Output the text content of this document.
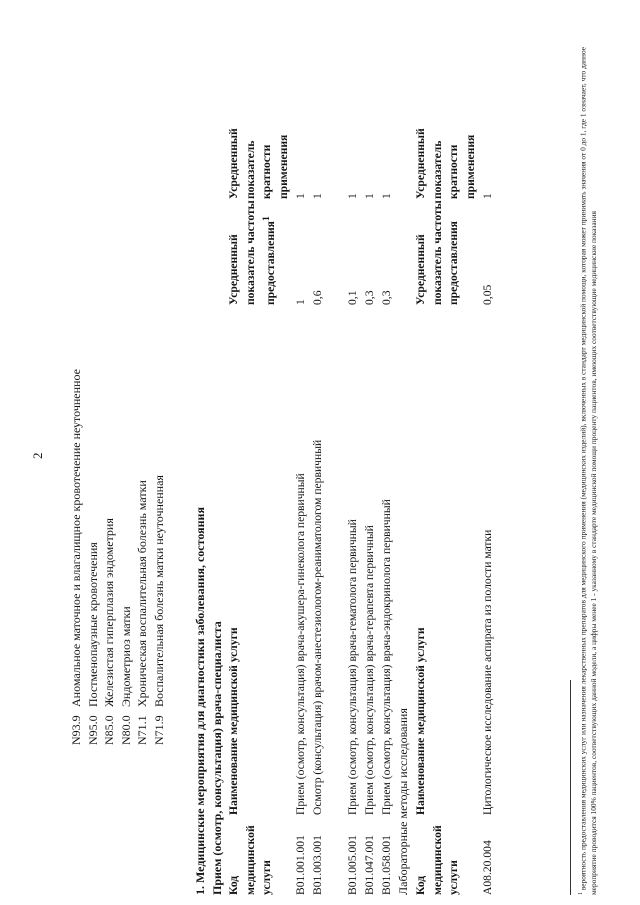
2
N93.9Аномальное маточное и влагалищное кровотечение неуточненное
N95.0Постменопаузные кровотечения
N85.0Железистая гиперплазия эндометрия
N80.0Эндометриоз матки
N71.1Хроническая воспалительная болезнь матки
N71.9Воспалительная болезнь матки неуточненная 1. Медицинские мероприятия для диагностики заболевания, состояния Прием (осмотр, консультация) врача-специалиста Код медицинской услуги
Наименование медицинской услуги
Усредненный показатель частоты предоставления$^1$
Усредненный показатель кратности применения
B01.001.001
Прием (осмотр, консультация) врача-акушера-гинеколога первичный
1
1
B01.003.001
Осмотр (консультация) врачом-анестезиологом-реаниматологом первичный
0,6
1
B01.005.001
Прием (осмотр, консультация) врача-гематолога первичный
0,1
1
B01.047.001
Прием (осмотр, консультация) врача-терапевта первичный
0,3
1
B01.058.001
Прием (осмотр, консультация) врача-эндокринолога первичный
0,3
1
Лабораторные методы исследования Код медицинской услуги
Наименование медицинской услуги
Усредненный показатель частоты предоставления
Усредненный показатель кратности применения
A08.20.004
Цитологическое исследование аспирата из полости матки
0,05
1
$^1$ вероятность предоставления медицинских услуг или назначения лекарственных препаратов для медицинского применения (медицинских изделий), включенных в стандарт медицинской помощи, которая может принимать значения от 0 до 1, где 1 означает, что данное мероприятие проводится 100% пациентов, соответствующих данной модели, а цифры менее 1 - указанному в стандарте медицинской помощи проценту пациентов, имеющих соответствующие медицинские показания
